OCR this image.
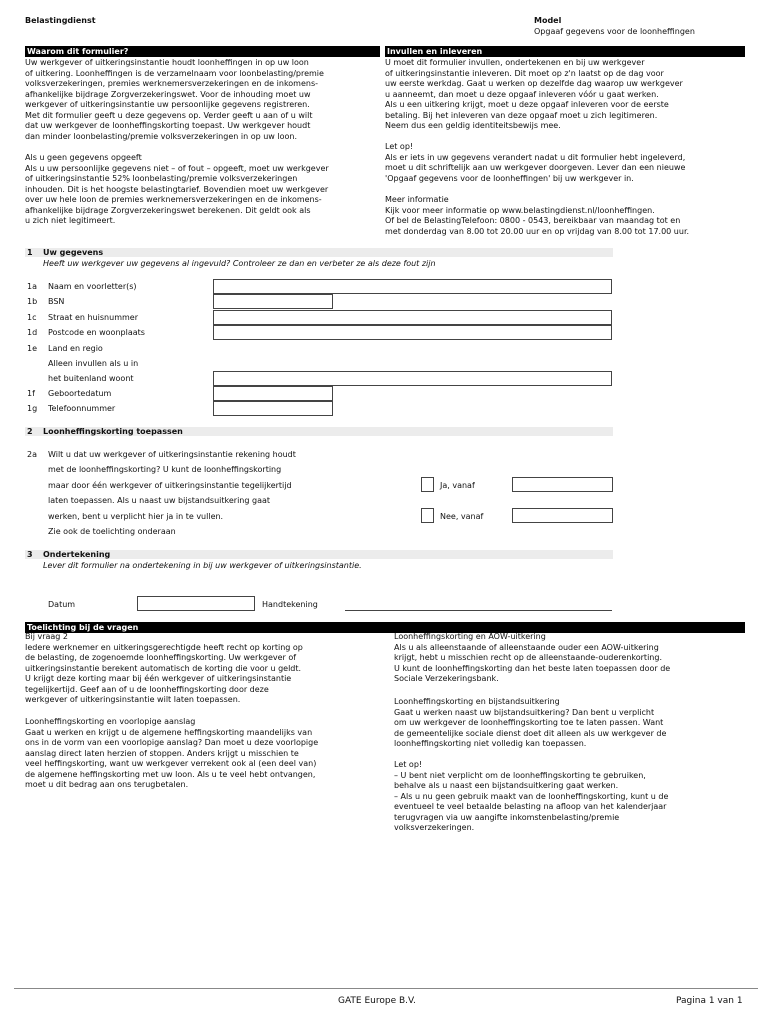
Belastingdienst	Model
Opgaaf gegevens voor de loonheffingen
Waarom dit formulier?
Uw werkgever of uitkeringsinstantie houdt loonheffingen in op uw loon
of uitkering. Loonheffingen is de verzamelnaam voor loonbelasting/premie
volksverzekeringen, premies werknemersverzekeringen en de inkomens-
afhankelijke bijdrage Zorgverzekeringswet. Voor de inhouding moet uw
werkgever of uitkeringsinstantie uw persoonlijke gegevens registreren.
Met dit formulier geeft u deze gegevens op. Verder geeft u aan of u wilt
dat uw werkgever de loonheffingskorting toepast. Uw werkgever houdt
dan minder loonbelasting/premie volksverzekeringen in op uw loon.
Als u geen gegevens opgeeft
Als u uw persoonlijke gegevens niet – of fout – opgeeft, moet uw werkgever
of uitkeringsinstantie 52% loonbelasting/premie volksverzekeringen
inhouden. Dit is het hoogste belastingtarief. Bovendien moet uw werkgever
over uw hele loon de premies werknemersverzekeringen en de inkomens-
afhankelijke bijdrage Zorgverzekeringswet berekenen. Dit geldt ook als
u zich niet legitimeert.
Invullen en inleveren
U moet dit formulier invullen, ondertekenen en bij uw werkgever
of uitkeringsinstantie inleveren. Dit moet op z'n laatst op de dag voor
uw eerste werkdag. Gaat u werken op dezelfde dag waarop uw werkgever
u aanneemt, dan moet u deze opgaaf inleveren vóór u gaat werken.
Als u een uitkering krijgt, moet u deze opgaaf inleveren voor de eerste
betaling. Bij het inleveren van deze opgaaf moet u zich legitimeren.
Neem dus een geldig identiteitsbewijs mee.
Let op!
Als er iets in uw gegevens verandert nadat u dit formulier hebt ingeleverd,
moet u dit schriftelijk aan uw werkgever doorgeven. Lever dan een nieuwe
'Opgaaf gegevens voor de loonheffingen' bij uw werkgever in.
Meer informatie
Kijk voor meer informatie op www.belastingdienst.nl/loonheffingen.
Of bel de BelastingTelefoon: 0800 - 0543, bereikbaar van maandag tot en
met donderdag van 8.00 tot 20.00 uur en op vrijdag van 8.00 tot 17.00 uur.
1 Uw gegevens
Heeft uw werkgever uw gegevens al ingevuld? Controleer ze dan en verbeter ze als deze fout zijn
1a Naam en voorletter(s)
1b BSN
1c Straat en huisnummer
1d Postcode en woonplaats
1e Land en regio
Alleen invullen als u in
het buitenland woont
1f Geboortedatum
1g Telefoonnummer
2 Loonheffingskorting toepassen
2a Wilt u dat uw werkgever of uitkeringsinstantie rekening houdt
met de loonheffingskorting? U kunt de loonheffingskorting
maar door één werkgever of uitkeringsinstantie tegelijkertijd
laten toepassen. Als u naast uw bijstandsuitkering gaat
werken, bent u verplicht hier ja in te vullen.
Zie ook de toelichting onderaan
Ja, vanaf
Nee, vanaf
3 Ondertekening
Lever dit formulier na ondertekening in bij uw werkgever of uitkeringsinstantie.
Datum	Handtekening
Toelichting bij de vragen
Bij vraag 2
Iedere werknemer en uitkeringsgerechtigde heeft recht op korting op
de belasting, de zogenoemde loonheffingskorting. Uw werkgever of
uitkeringsinstantie berekent automatisch de korting die voor u geldt.
U krijgt deze korting maar bij één werkgever of uitkeringsinstantie
tegelijkertijd. Geef aan of u de loonheffingskorting door deze
werkgever of uitkeringsinstantie wilt laten toepassen.
Loonheffingskorting en voorlopige aanslag
Gaat u werken en krijgt u de algemene heffingskorting maandelijks van
ons in de vorm van een voorlopige aanslag? Dan moet u deze voorlopige
aanslag direct laten herzien of stoppen. Anders krijgt u misschien te
veel heffingskorting, want uw werkgever verrekent ook al (een deel van)
de algemene heffingskorting met uw loon. Als u te veel hebt ontvangen,
moet u dit bedrag aan ons terugbetalen.
Loonheffingskorting en AOW-uitkering
Als u als alleenstaande of alleenstaande ouder een AOW-uitkering
krijgt, hebt u misschien recht op de alleenstaande-ouderenkorting.
U kunt de loonheffingskorting dan het beste laten toepassen door de
Sociale Verzekeringsbank.
Loonheffingskorting en bijstandsuitkering
Gaat u werken naast uw bijstandsuitkering? Dan bent u verplicht
om uw werkgever de loonheffingskorting toe te laten passen. Want
de gemeentelijke sociale dienst doet dit alleen als uw werkgever de
loonheffingskorting niet volledig kan toepassen.
Let op!
– U bent niet verplicht om de loonheffingskorting te gebruiken,
behalve als u naast een bijstandsuitkering gaat werken.
– Als u nu geen gebruik maakt van de loonheffingskorting, kunt u de
eventueel te veel betaalde belasting na afloop van het kalenderjaar
terugvragen via uw aangifte inkomstenbelasting/premie
volksverzekeringen.
GATE Europe B.V.	Pagina 1 van 1
